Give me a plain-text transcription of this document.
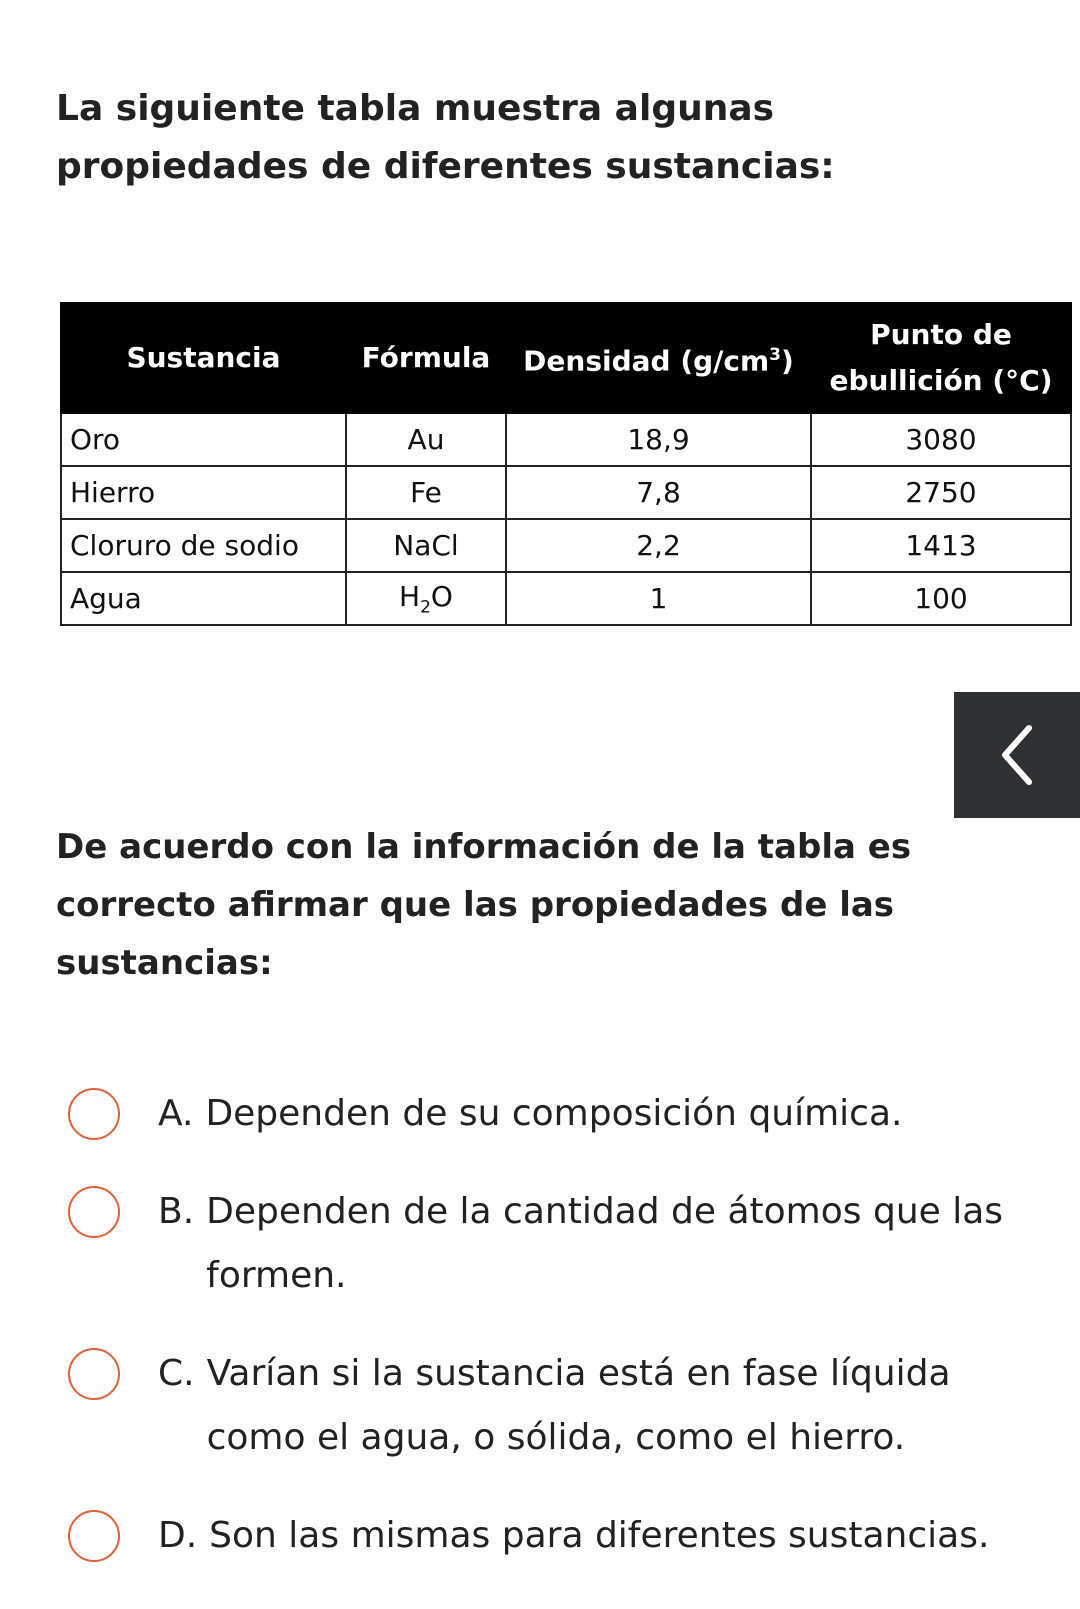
La siguiente tabla muestra algunas propiedades de diferentes sustancias:

Sustancia	Fórmula	Densidad $(g/cm^3)$	Punto de
ebullición (°C)
Oro	Au	18,9	3080
Hierro	Fe	7,8	2750
Cloruro de sodio	NaCl	2,2	1413
Agua	$H_2O$	1	100

De acuerdo con la información de la tabla es correcto afirmar que las propiedades de las sustancias:

A. Dependen de su composición química.
B. Dependen de la cantidad de átomos que las formen.
C. Varían si la sustancia está en fase líquida como el agua, o sólida, como el hierro.
D. Son las mismas para diferentes sustancias.
